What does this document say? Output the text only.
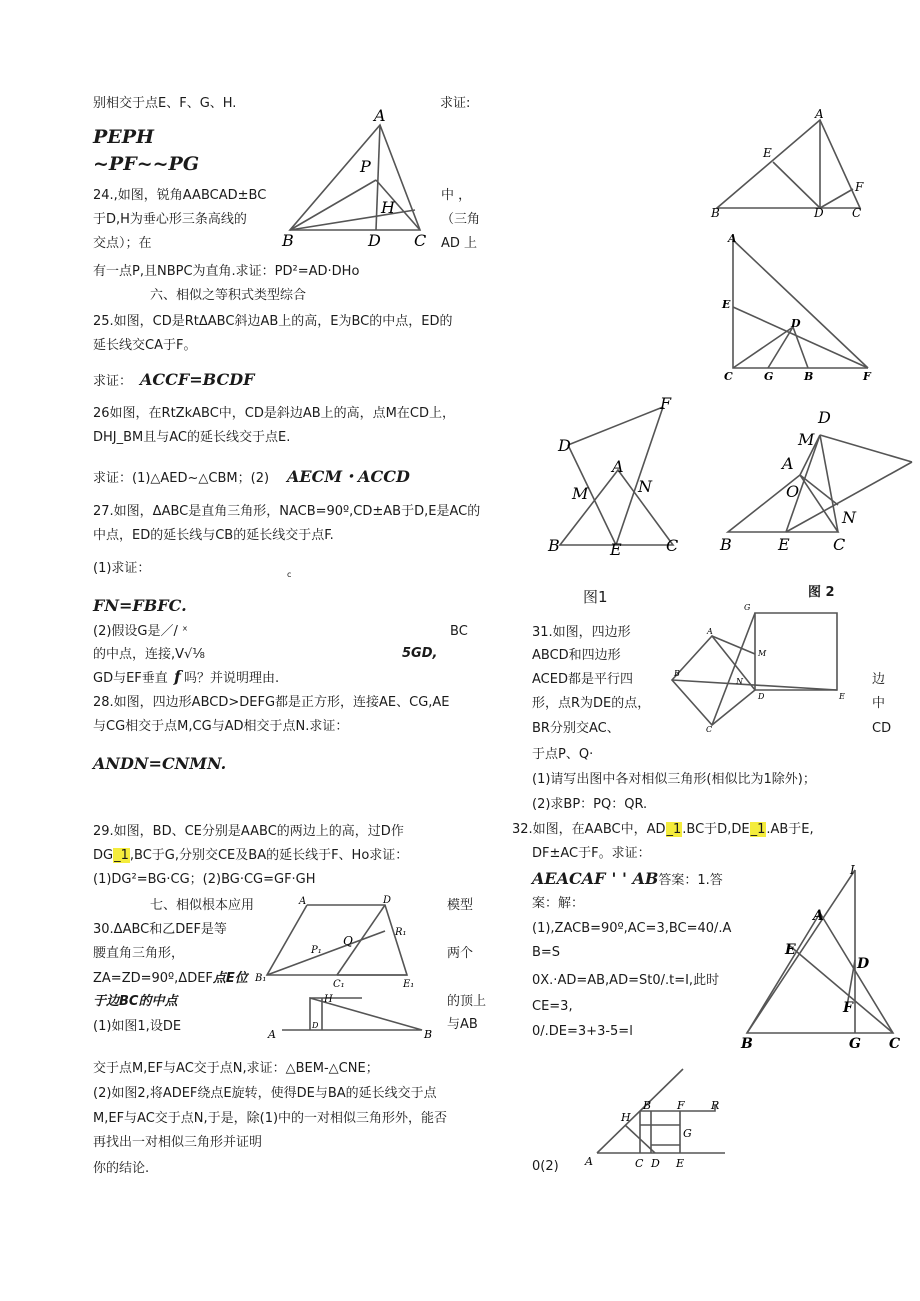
别相交于点E、F、G、H.	求证:
PEPH
~PF~~PG
24.,如图，锐角AABCAD±BC	中 ，
于D,H为垂心形三条高线的	（三角
交点）；在	AD 上
有一点P,且NBPC为直角.求证：PD²=AD·DHo
六、相似之等积式类型综合
25.如图，CD是RtΔABC斜边AB上的高，E为BC的中点，ED的
延长线交CA于F。
求证： ACCF=BCDF
26如图，在RtZkABC中，CD是斜边AB上的高，点M在CD上，
DHJ_BM且与AC的延长线交于点E.
求证：(1)△AED~△CBM；(2) AECM・ACCD
27.如图，ΔABC是直角三角形，NACB=90º,CD±AB于D,E是AC的
中点，ED的延长线与CB的延长线交于点F.
(1)求证：	c
FN=FBFC.
(2)假设G是／/ ˣ	BC
的中点，连接,V√⅛	5GD,
GD与EF垂直 f 吗？并说明理由.
28.如图，四边形ABCD>DEFG都是正方形，连接AE、CG,AE
与CG相交于点M,CG与AD相交于点N.求证：
ANDN=CNMN.
29.如图，BD、CE分别是AABC的两边上的高，过D作
DG_1,BC于G,分别交CE及BA的延长线于F、Ho求证：
(1)DG²=BG·CG；(2)BG·CG=GF·GH
七、相似根本应用	模型
30.ΔABC和乙DEF是等
腰直角三角形，	两个
ZA=ZD=90º,ΔDEF点E位
于边BC的中点	的顶上
(1)如图1,设DE	与AB
交于点M,EF与AC交于点N,求证：△BEM-△CNE；
(2)如图2,将ADEF绕点E旋转，使得DE与BA的延长线交于点
M,EF与AC交于点N,于是，除(1)中的一对相似三角形外，能否
再找出一对相似三角形并证明
你的结论.
图1	图 2
31.如图，四边形
ABCD和四边形
ACED都是平行四	边
形，点R为DE的点，	中
BR分别交AC、	CD
于点P、Q·
(1)请写出图中各对相似三角形(相似比为1除外)；
(2)求BP：PQ：QR.
32.如图，在AABC中，AD_1.BC于D,DE_1.AB于E,
DF±AC于F。求证：
AEACAF ' ' AB答案：1.答
案：解：
(1),ZACB=90º,AC=3,BC=40/.A
B=S
0X.·AD=AB,AD=St0/.t=I,此时
CE=3,
0/.DE=3+3-5=l
0(2)
A
P
H
B	D C
A
E
F
B	D C
A
E
D
C	G	B	F
A
D
F
M	N
B	E	C
D
M
A
O
N
B	E	C
G
A
M
N
B
D	E
C
A	D
R₁
P₁
Q
B₁
C₁	E₁
A
D
H
B
Ⅰ
A
E
D
F
B	G C
A
H
B F R
G
C D E
